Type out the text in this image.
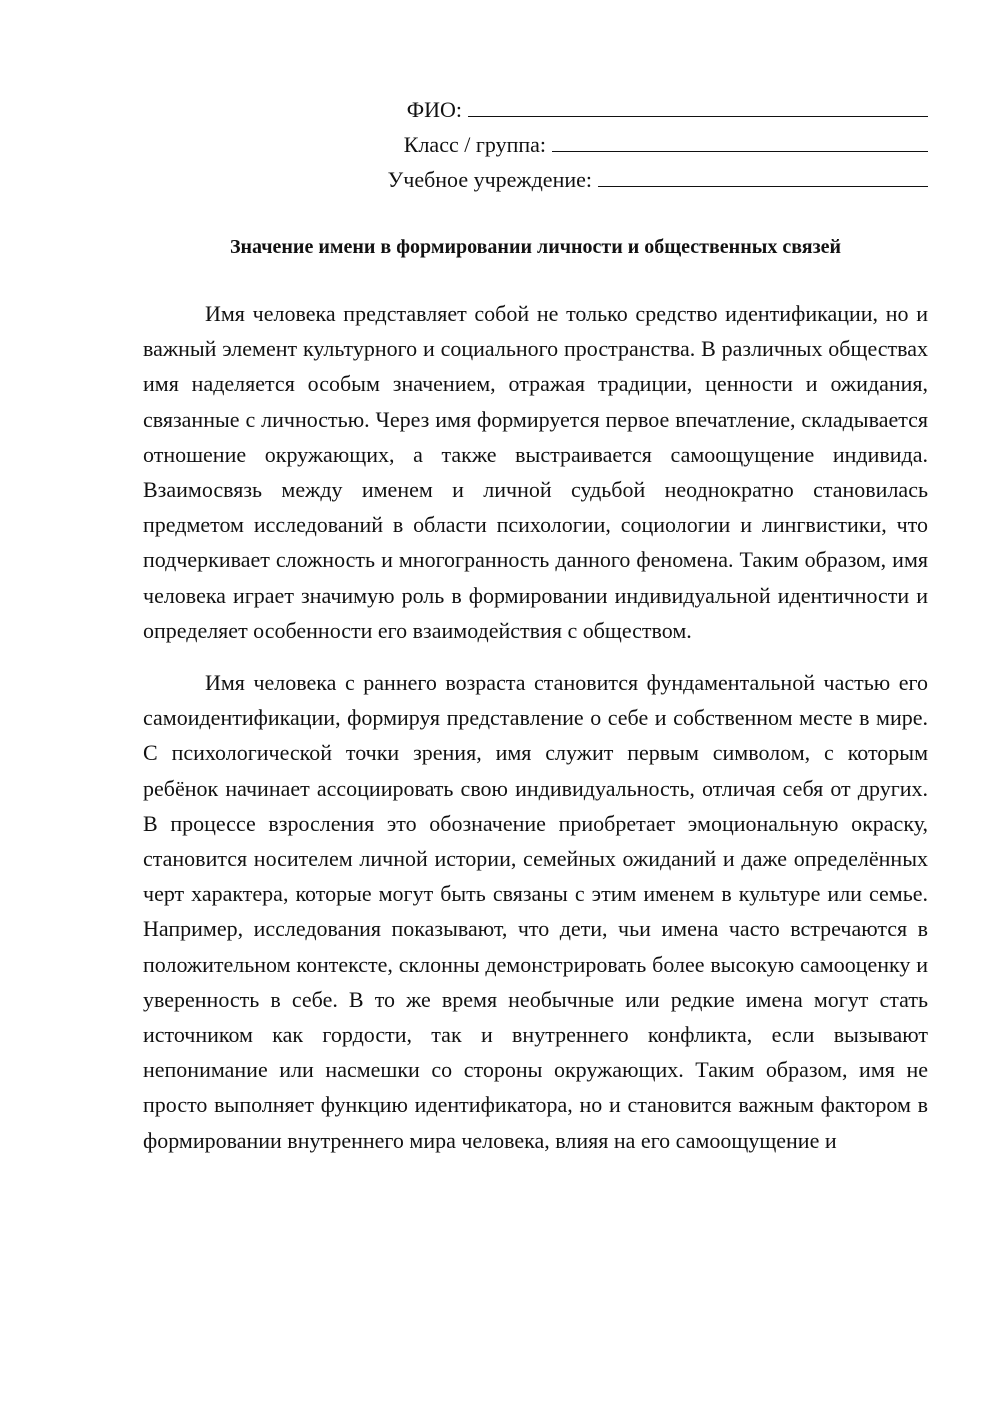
ФИО:
Класс / группа:
Учебное учреждение:
Значение имени в формировании личности и общественных связей

Имя человека представляет собой не только средство идентификации, но и важный элемент культурного и социального пространства. В различных обществах имя наделяется особым значением, отражая традиции, ценности и ожидания, связанные с личностью. Через имя формируется первое впечатление, складывается отношение окружающих, а также выстраивается самоощущение индивида. Взаимосвязь между именем и личной судьбой неоднократно становилась предметом исследований в области психологии, социологии и лингвистики, что подчеркивает сложность и многогранность данного феномена. Таким образом, имя человека играет значимую роль в формировании индивидуальной идентичности и определяет особенности его взаимодействия с обществом.

Имя человека с раннего возраста становится фундаментальной частью его самоидентификации, формируя представление о себе и собственном месте в мире. С психологической точки зрения, имя служит первым символом, с которым ребёнок начинает ассоциировать свою индивидуальность, отличая себя от других. В процессе взросления это обозначение приобретает эмоциональную окраску, становится носителем личной истории, семейных ожиданий и даже определённых черт характера, которые могут быть связаны с этим именем в культуре или семье. Например, исследования показывают, что дети, чьи имена часто встречаются в положительном контексте, склонны демонстрировать более высокую самооценку и уверенность в себе. В то же время необычные или редкие имена могут стать источником как гордости, так и внутреннего конфликта, если вызывают непонимание или насмешки со стороны окружающих. Таким образом, имя не просто выполняет функцию идентификатора, но и становится важным фактором в формировании внутреннего мира человека, влияя на его самоощущение и
